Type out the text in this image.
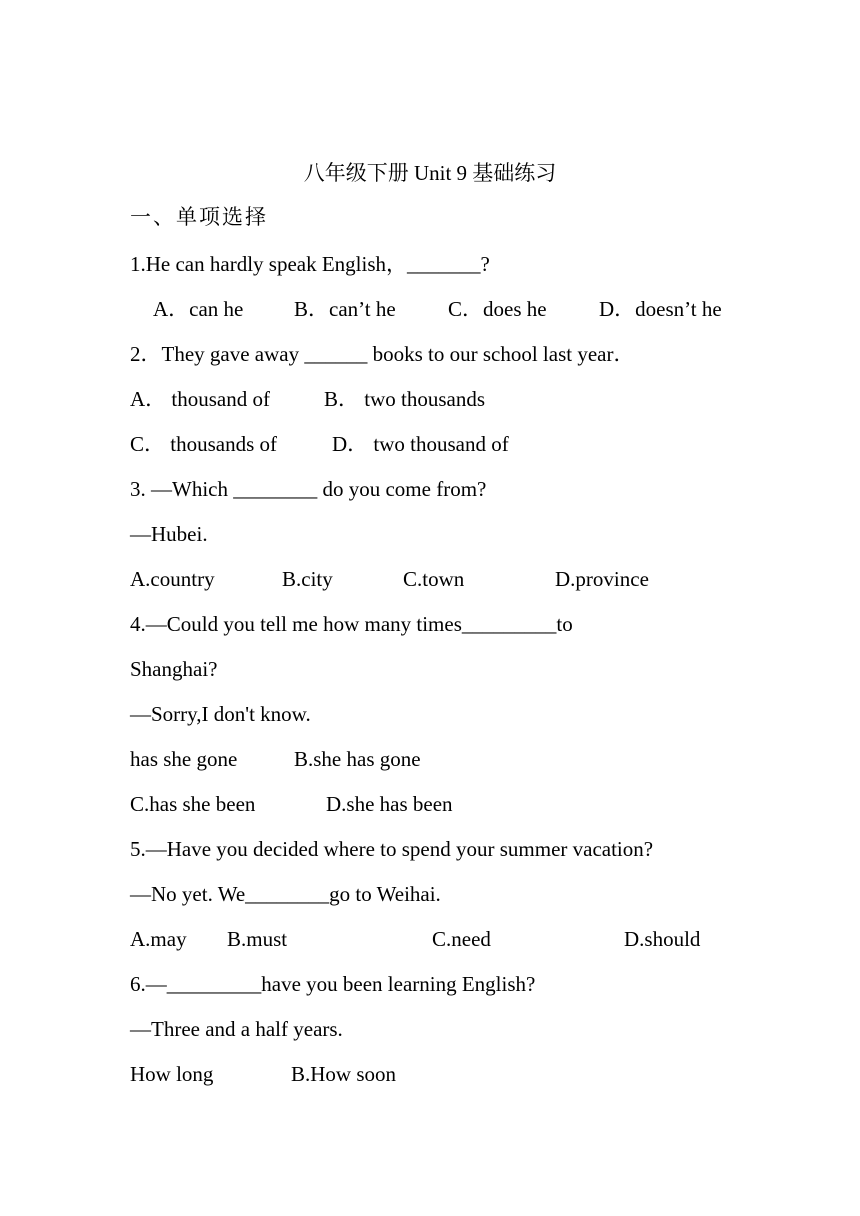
八年级下册 Unit 9 基础练习
一、单项选择
1.He can hardly speak English，_______?
A．can he B．can’t he C．does he D．doesn’t he
2．They gave away ______ books to our school last year．
A． thousand of	B． two thousands
C． thousands of	D． two thousand of
3. —Which ________ do you come from?
—Hubei.
A.country	B.city	C.town	D.province
4.—Could you tell me how many times_________to
Shanghai?
—Sorry,I don't know.
has she gone	B.she has gone
C.has she been	D.she has been
5.—Have you decided where to spend your summer vacation?
—No yet. We________go to Weihai.
A.may B.must	C.need	D.should
6.—_________have you been learning English?
—Three and a half years.
How long	B.How soon
